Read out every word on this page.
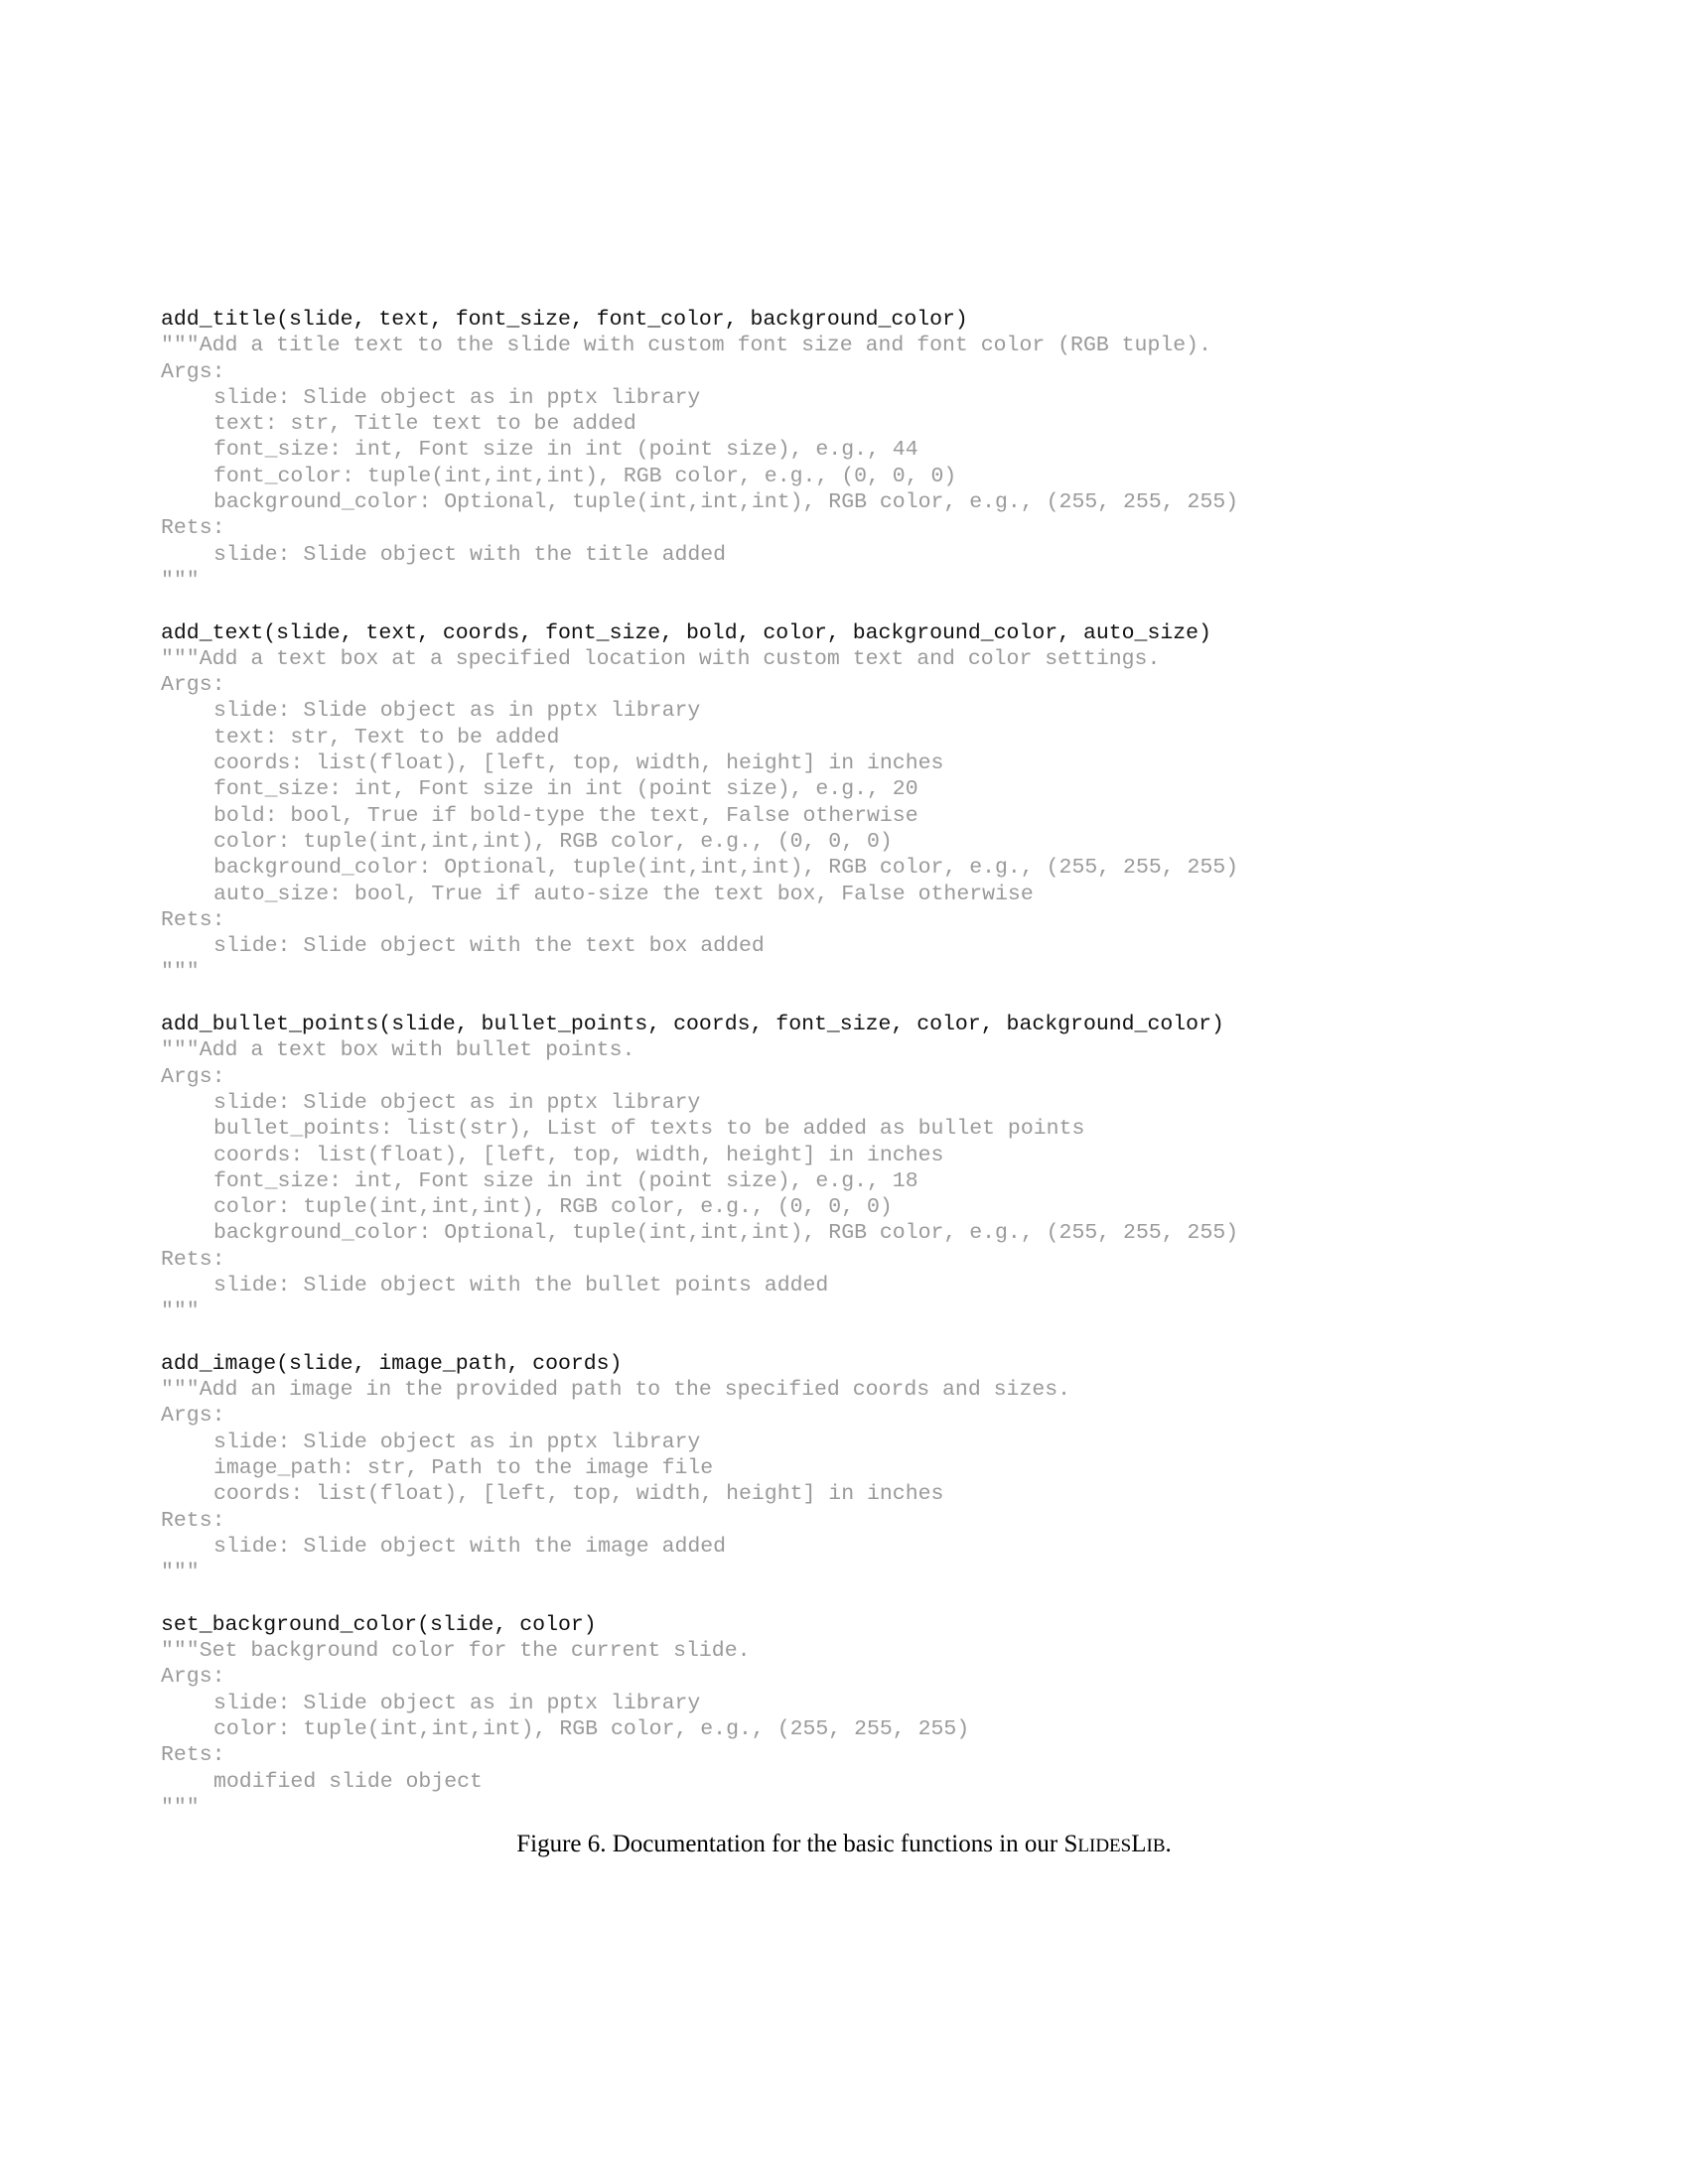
add_title(slide, text, font_size, font_color, background_color)
"""Add a title text to the slide with custom font size and font color (RGB tuple).
Args:
slide: Slide object as in pptx library
text: str, Title text to be added
font_size: int, Font size in int (point size), e.g., 44
font_color: tuple(int,int,int), RGB color, e.g., (0, 0, 0)
background_color: Optional, tuple(int,int,int), RGB color, e.g., (255, 255, 255)
Rets:
slide: Slide object with the title added
"""
add_text(slide, text, coords, font_size, bold, color, background_color, auto_size)
"""Add a text box at a specified location with custom text and color settings.
Args:
slide: Slide object as in pptx library
text: str, Text to be added
coords: list(float), [left, top, width, height] in inches
font_size: int, Font size in int (point size), e.g., 20
bold: bool, True if bold-type the text, False otherwise
color: tuple(int,int,int), RGB color, e.g., (0, 0, 0)
background_color: Optional, tuple(int,int,int), RGB color, e.g., (255, 255, 255)
auto_size: bool, True if auto-size the text box, False otherwise
Rets:
slide: Slide object with the text box added
"""
add_bullet_points(slide, bullet_points, coords, font_size, color, background_color)
"""Add a text box with bullet points.
Args:
slide: Slide object as in pptx library
bullet_points: list(str), List of texts to be added as bullet points
coords: list(float), [left, top, width, height] in inches
font_size: int, Font size in int (point size), e.g., 18
color: tuple(int,int,int), RGB color, e.g., (0, 0, 0)
background_color: Optional, tuple(int,int,int), RGB color, e.g., (255, 255, 255)
Rets:
slide: Slide object with the bullet points added
"""
add_image(slide, image_path, coords)
"""Add an image in the provided path to the specified coords and sizes.
Args:
slide: Slide object as in pptx library
image_path: str, Path to the image file
coords: list(float), [left, top, width, height] in inches
Rets:
slide: Slide object with the image added
"""
set_background_color(slide, color)
"""Set background color for the current slide.
Args:
slide: Slide object as in pptx library
color: tuple(int,int,int), RGB color, e.g., (255, 255, 255)
Rets:
modified slide object
"""
Figure 6. Documentation for the basic functions in our SLIDESLIB.
